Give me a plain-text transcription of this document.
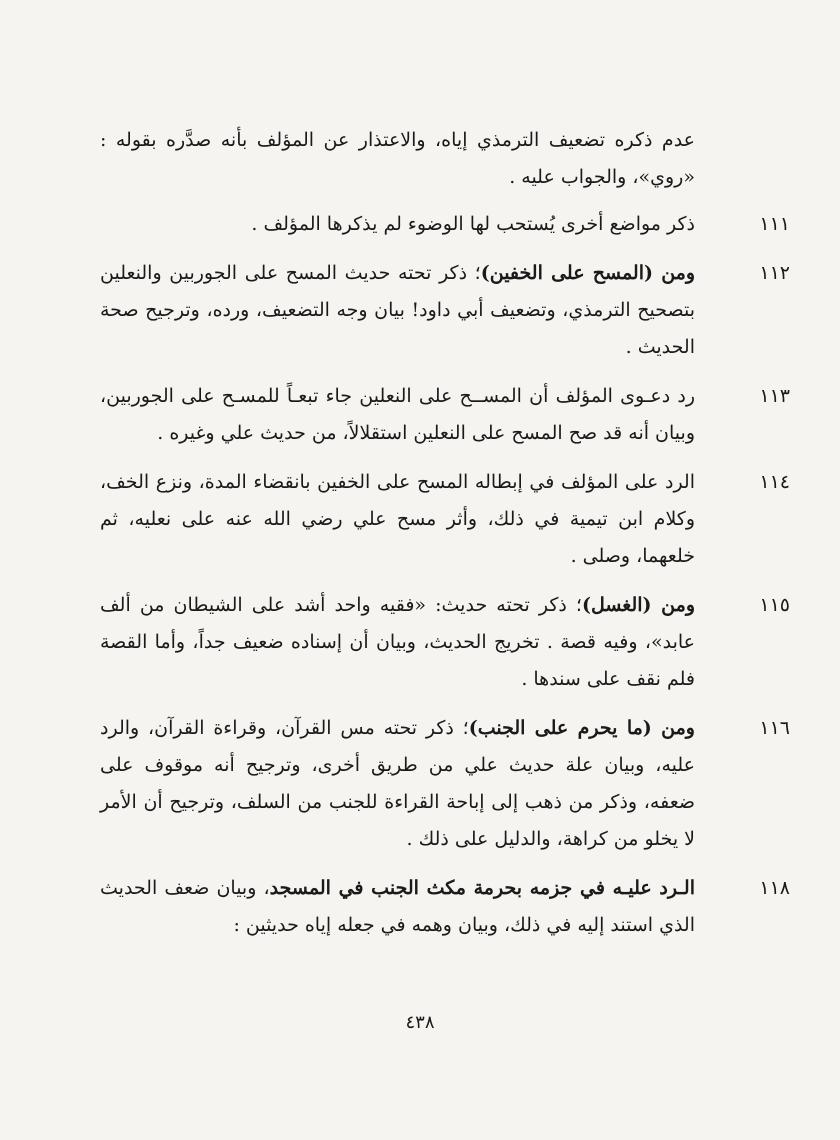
عدم ذكره تضعيف الترمذي إياه، والاعتذار عن المؤلف بأنه صدَّره بقوله : «روي»، والجواب عليه .
١١١
ذكر مواضع أخرى يُستحب لها الوضوء لم يذكرها المؤلف .
١١٢
ومن (المسح على الخفين)؛ ذكر تحته حديث المسح على الجوربين والنعلين بتصحيح الترمذي، وتضعيف أبي داود! بيان وجه التضعيف، ورده، وترجيح صحة الحديث .
١١٣
رد دعـوى المؤلف أن المســح على النعلين جاء تبعـاً للمسـح على الجوربين، وبيان أنه قد صح المسح على النعلين استقلالاً، من حديث علي وغيره .
١١٤
الرد على المؤلف في إبطاله المسح على الخفين بانقضاء المدة، ونزع الخف، وكلام ابن تيمية في ذلك، وأثر مسح علي رضي الله عنه على نعليه، ثم خلعهما، وصلى .
١١٥
ومن (الغسل)؛ ذكر تحته حديث: «فقيه واحد أشد على الشيطان من ألف عابد»، وفيه قصة . تخريج الحديث، وبيان أن إسناده ضعيف جداً، وأما القصة فلم نقف على سندها .
١١٦
ومن (ما يحرم على الجنب)؛ ذكر تحته مس القرآن، وقراءة القرآن، والرد عليه، وبيان علة حديث علي من طريق أخرى، وترجيح أنه موقوف على ضعفه، وذكر من ذهب إلى إباحة القراءة للجنب من السلف، وترجيح أن الأمر لا يخلو من كراهة، والدليل على ذلك .
١١٨
الـرد عليـه في جزمه بحرمة مكث الجنب في المسجد، وبيان ضعف الحديث الذي استند إليه في ذلك، وبيان وهمه في جعله إياه حديثين :
٤٣٨
